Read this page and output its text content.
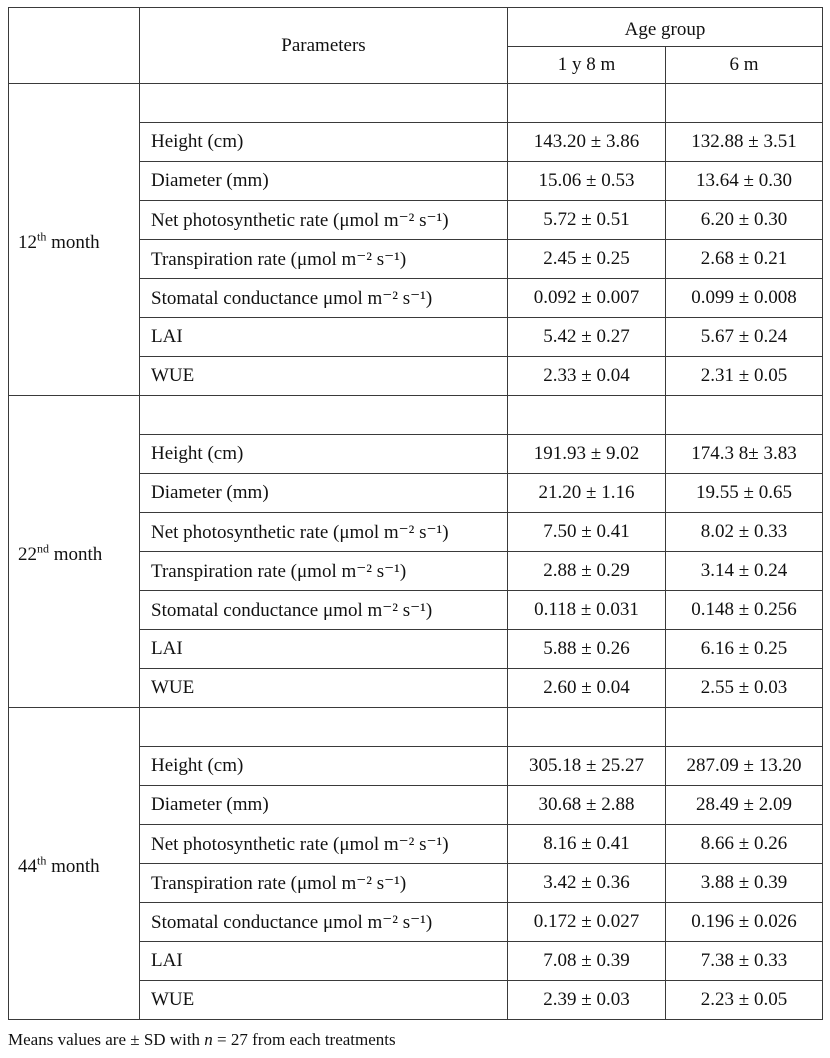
	Parameters	Age group	
		1 y 8 m	6 m
12th month			
	Height (cm)	143.20 ± 3.86	132.88 ± 3.51
	Diameter (mm)	15.06 ± 0.53	13.64 ± 0.30
	Net photosynthetic rate (μmol m⁻² s⁻¹)	5.72 ± 0.51	6.20 ± 0.30
	Transpiration rate (μmol m⁻² s⁻¹)	2.45 ± 0.25	2.68 ± 0.21
	Stomatal conductance μmol m⁻² s⁻¹)	0.092 ± 0.007	0.099 ± 0.008
	LAI	5.42 ± 0.27	5.67 ± 0.24
	WUE	2.33 ± 0.04	2.31 ± 0.05
22nd month			
	Height (cm)	191.93 ± 9.02	174.3 8± 3.83
	Diameter (mm)	21.20 ± 1.16	19.55 ± 0.65
	Net photosynthetic rate (μmol m⁻² s⁻¹)	7.50 ± 0.41	8.02 ± 0.33
	Transpiration rate (μmol m⁻² s⁻¹)	2.88 ± 0.29	3.14 ± 0.24
	Stomatal conductance μmol m⁻² s⁻¹)	0.118 ± 0.031	0.148 ± 0.256
	LAI	5.88 ± 0.26	6.16 ± 0.25
	WUE	2.60 ± 0.04	2.55 ± 0.03
44th month			
	Height (cm)	305.18 ± 25.27	287.09 ± 13.20
	Diameter (mm)	30.68 ± 2.88	28.49 ± 2.09
	Net photosynthetic rate (μmol m⁻² s⁻¹)	8.16 ± 0.41	8.66 ± 0.26
	Transpiration rate (μmol m⁻² s⁻¹)	3.42 ± 0.36	3.88 ± 0.39
	Stomatal conductance μmol m⁻² s⁻¹)	0.172 ± 0.027	0.196 ± 0.026
	LAI	7.08 ± 0.39	7.38 ± 0.33
	WUE	2.39 ± 0.03	2.23 ± 0.05
Means values are ± SD with n = 27 from each treatments
